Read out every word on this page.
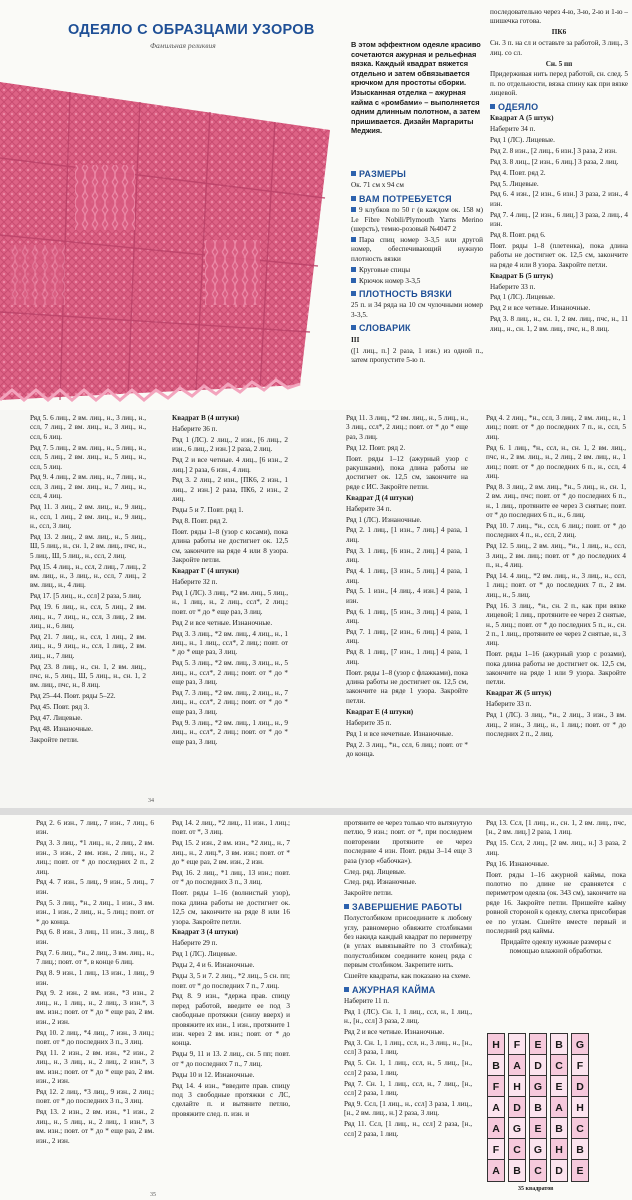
ОДЕЯЛО С ОБРАЗЦАМИ УЗОРОВ
Фамильная реликвия	В этом эффектном одеяле красиво сочетаются ажурная и рельефная вязка. Каждый квадрат вяжется отдельно и затем обвязывается крючком для простоты сборки. Изысканная отделка – ажурная кайма с «ромбами» – выполняется одним длинным полотном, а затем пришивается. Дизайн Маргариты Меджия.
РАЗМЕРЫ

Ок. 71 см х 94 см

ВАМ ПОТРЕБУЕТСЯ

9 клубков по 50 г (в каждом ок. 158 м) Le Fibre Nobili/Plymouth Yarns Merino (шерсть), темно-розовый №4047 2

Пара спиц номер 3-3,5 или другой номер, обеспечивающий нужную плотность вязки

Круговые спицы

Крючок номер 3-3,5

ПЛОТНОСТЬ ВЯЗКИ

25 п. и 34 ряда на 10 см чулочными номер 3-3,5.

СЛОВАРИК

III

([1 лиц., п.] 2 раза, 1 изн.) из одной п., затем пропустите 5-ю п.

последовательно через 4-ю, 3-ю, 2-ю и 1-ю – шишечка готова.

ПК6

Сн. 3 п. на сл и оставьте за работой, 3 лиц., 3 лиц. со сл.

Сн. 5 пп

Придерживая нить перед работой, сн. след. 5 п. по отдельности, вязка спину как при вязке лицевой.

ОДЕЯЛО

Квадрат А (5 штук)

Наберите 34 п.

Ряд 1 (ЛС). Лицевые.

Ряд 2. 8 изн., [2 лиц., 6 изн.] 3 раза, 2 изн.

Ряд 3. 8 лиц., [2 изн., 6 лиц.] 3 раза, 2 лиц.

Ряд 4. Повт. ряд 2.

Ряд 5. Лицевые.

Ряд 6. 4 изн., [2 изн., 6 изн.] 3 раза, 2 изн., 4 изн.

Ряд 7. 4 лиц., [2 изн., 6 лиц.] 3 раза, 2 лиц., 4 изн.

Ряд 8. Повт. ряд 6.

Повт. ряды 1–8 (плетенка), пока длина работы не достигнет ок. 12,5 см, закончите на ряде 4 или 8 узора. Закройте петли.

Квадрат Б (5 штук)

Наберите 33 п.

Ряд 1 (ЛС). Лицевые.

Ряд 2 и все четные. Изнаночные.

Ряд 3. 8 лиц., н., сн. 1, 2 вм. лиц., пчс, н., 11 лиц., н., сн. 1, 2 вм. лиц., пчс, н., 8 лиц.

Ряд 5. 6 лиц., 2 вм. лиц., н., 3 лиц., н., ссл, 7 лиц., 2 вм. лиц., н., 3 лиц., н., ссл, 6 лиц.

Ряд 7. 5 лиц., 2 вм. лиц., н., 5 лиц., н., ссл, 5 лиц., 2 вм. лиц., н., 5 лиц., н., ссл, 5 лиц.

Ряд 9. 4 лиц., 2 вм. лиц., н., 7 лиц., н., ссл, 3 лиц., 2 вм. лиц., н., 7 лиц., н., ссл, 4 лиц.

Ряд 11. 3 лиц., 2 вм. лиц., н., 9 лиц., н., ссл, 1 лиц., 2 вм. лиц., н., 9 лиц., н., ссл, 3 лиц.

Ряд 13. 2 лиц., 2 вм. лиц., н., 5 лиц., Ш, 5 лиц., н., сн. 1, 2 вм. лиц., пчс, н., 5 лиц., Ш, 5 лиц., н., ссл, 2 лиц.

Ряд 15. 4 лиц., н., ссл, 2 лиц., 7 лиц., 2 вм. лиц., н., 3 лиц., н., ссл, 7 лиц., 2 вм. лиц., н., 4 лиц.

Ряд 17. [5 лиц., н., ссл] 2 раза, 5 лиц.

Ряд 19. 6 лиц., н., ссл, 5 лиц., 2 вм. лиц., н., 7 лиц., н., ссл, 3 лиц., 2 вм. лиц., н., 6 лиц.

Ряд 21. 7 лиц., н., ссл, 1 лиц., 2 вм. лиц., н., 9 лиц., н., ссл, 1 лиц., 2 вм. лиц., н., 7 лиц.

Ряд 23. 8 лиц., н., сн. 1, 2 вм. лиц., пчс, н., 5 лиц., Ш, 5 лиц., н., сн. 1, 2 вм. лиц., пчс, н., 8 лиц.

Ряд 25–44. Повт. ряды 5–22.

Ряд 45. Повт. ряд 3.

Ряд 47. Лицевые.

Ряд 48. Изнаночные.

Закройте петли.

Квадрат В (4 штуки)

Наберите 36 п.

Ряд 1 (ЛС). 2 лиц., 2 изн., [6 лиц., 2 изн., 6 лиц., 2 изн.] 2 раза, 2 лиц.

Ряд 2 и все четные. 4 лиц., [6 изн., 2 лиц.] 2 раза, 6 изн., 4 лиц.

Ряд 3. 2 лиц., 2 изн., [ПК6, 2 изн., 1 лиц., 2 изн.] 2 раза, ПК6, 2 изн., 2 лиц.

Ряды 5 и 7. Повт. ряд 1.

Ряд 8. Повт. ряд 2.

Повт. ряды 1–8 (узор с косами), пока длина работы не достигнет ок. 12,5 см, закончите на ряде 4 или 8 узора. Закройте петли.

Квадрат Г (4 штуки)

Наберите 32 п.

Ряд 1 (ЛС). 3 лиц., *2 вм. лиц., 5 лиц., н., 1 лиц., н., 2 лиц., ссл*, 2 лиц.; повт. от * до * еще раз, 3 лиц.

Ряд 2 и все четные. Изнаночные.

Ряд 3. 3 лиц., *2 вм. лиц., 4 лиц., н., 1 лиц., н., 1 лиц., ссл*, 2 лиц.; повт. от * до * еще раз, 3 лиц.

Ряд 5. 3 лиц., *2 вм. лиц., 3 лиц., н., 5 лиц., н., ссл*, 2 лиц.; повт. от * до * еще раз, 3 лиц.

Ряд 7. 3 лиц., *2 вм. лиц., 2 лиц., н., 7 лиц., н., ссл*, 2 лиц.; повт. от * до * еще раз, 3 лиц.

Ряд 9. 3 лиц., *2 вм. лиц., 1 лиц., н., 9 лиц., н., ссл*, 2 лиц.; повт. от * до * еще раз, 3 лиц.

Ряд 11. 3 лиц., *2 вм. лиц., н., 5 лиц., н., 3 лиц., ссл*, 2 лиц.; повт. от * до * еще раз, 3 лиц.

Ряд 12. Повт. ряд 2.

Повт. ряды 1–12 (ажурный узор с ракушками), пока длина работы не достигнет ок. 12,5 см, закончите на ряде с ИС. Закройте петли.

Квадрат Д (4 штуки)

Наберите 34 п.

Ряд 1 (ЛС). Изнаночные.

Ряд 2. 1 лиц., [1 изн., 7 лиц.] 4 раза, 1 лиц.

Ряд 3. 1 лиц., [6 изн., 2 лиц.] 4 раза, 1 лиц.

Ряд 4. 1 лиц., [3 изн., 5 лиц.] 4 раза, 1 лиц.

Ряд 5. 1 изн., [4 лиц., 4 изн.] 4 раза, 1 изн.

Ряд 6. 1 лиц., [5 изн., 3 лиц.] 4 раза, 1 лиц.

Ряд 7. 1 лиц., [2 изн., 6 лиц.] 4 раза, 1 лиц.

Ряд 8. 1 лиц., [7 изн., 1 лиц.] 4 раза, 1 лиц.

Повт. ряды 1–8 (узор с флажками), пока длина работы не достигнет ок. 12,5 см, закончите на ряде 1 узора. Закройте петли.

Квадрат Е (4 штуки)

Наберите 35 п.

Ряд 1 и все нечетные. Изнаночные.

Ряд 2. 3 лиц., *н., ссл, 6 лиц.; повт. от * до конца.

Ряд 4. 2 лиц., *н., ссл, 3 лиц., 2 вм. лиц., н., 1 лиц.; повт. от * до последних 7 п., н., ссл, 5 лиц.

Ряд 6. 1 лиц., *н., ссл, н., сн. 1, 2 вм. лиц., пчс, н., 2 вм. лиц., н., 2 лиц., 2 вм. лиц., н., 1 лиц.; повт. от * до последних 6 п., н., ссл, 4 лиц.

Ряд 8. 3 лиц., 2 вм. лиц., *н., 5 лиц., н., сн. 1, 2 вм. лиц., пчс; повт. от * до последних 6 п., н., 1 лиц., протяните ее через 3 снятые; повт. от * до последних 6 п., н., 6 лиц.

Ряд 10. 7 лиц., *н., ссл, 6 лиц.; повт. от * до последних 4 п., н., ссл, 2 лиц.

Ряд 12. 5 лиц., 2 вм. лиц., *н., 1 лиц., н., ссл, 3 лиц., 2 вм. лиц.; повт. от * до последних 4 п., н., 4 лиц.

Ряд 14. 4 лиц., *2 вм. лиц., н., 3 лиц., н., ссл, 1 лиц.; повт. от * до последних 7 п., 2 вм. лиц., н., 5 лиц.

Ряд 16. 3 лиц., *н., сн. 2 п., как при вязке лицевой; 1 лиц., протяните ее через 2 снятые, н., 5 лиц.; повт. от * до последних 5 п., н., сн. 2 п., 1 лиц., протяните ее через 2 снятые, н., 3 лиц.

Повт. ряды 1–16 (ажурный узор с розами), пока длина работы не достигнет ок. 12,5 см, закончите на ряде 1 или 9 узора. Закройте петли.

Квадрат Ж (5 штук)

Наберите 33 п.

Ряд 1 (ЛС). 3 лиц., *н., 2 лиц., 3 изн., 3 вм. лиц., 2 изн., 3 лиц., н., 1 лиц.; повт. от * до последних 2 п., 2 лиц.

34

Ряд 2. 6 изн., 7 лиц., 7 изн., 7 лиц., 6 изн.

Ряд 3. 3 лиц., *1 лиц., н., 2 лиц., 2 вм. изн., 3 изн., 2 вм. изн., 2 лиц., н., 2 лиц.; повт. от * до последних 2 п., 2 лиц.

Ряд 4. 7 изн., 5 лиц., 9 изн., 5 лиц., 7 изн.

Ряд 5. 3 лиц., *н., 2 лиц., 1 изн., 3 вм. изн., 1 изн., 2 лиц., н., 5 лиц.; повт. от * до конца.

Ряд 6. 8 изн., 3 лиц., 11 изн., 3 лиц., 8 изн.

Ряд 7. 6 лиц., *н., 2 лиц., 3 вм. лиц., н., 7 лиц.; повт. от *, в конце 6 лиц.

Ряд 8. 9 изн., 1 лиц., 13 изн., 1 лиц., 9 изн.

Ряд 9. 2 изн., 2 вм. изн., *3 изн., 2 лиц., н., 1 лиц., н., 2 лиц., 3 изн.*, 3 вм. изн.; повт. от * до * еще раз, 2 вм. изн., 2 изн.

Ряд 10. 2 лиц., *4 лиц., 7 изн., 3 лиц.; повт. от * до последних 3 п., 3 лиц.

Ряд 11. 2 изн., 2 вм. изн., *2 изн., 2 лиц., н., 3 лиц., н., 2 лиц., 2 изн.*, 3 вм. изн.; повт. от * до * еще раз, 2 вм. изн., 2 изн.

Ряд 12. 2 лиц., *3 лиц., 9 изн., 2 лиц.; повт. от * до последних 3 п., 3 лиц.

Ряд 13. 2 изн., 2 вм. изн., *1 изн., 2 лиц., н., 5 лиц., н., 2 лиц., 1 изн.*, 3 вм. изн.; повт. от * до * еще раз, 2 вм. изн., 2 изн.

Ряд 14. 2 лиц., *2 лиц., 11 изн., 1 лиц.; повт. от *, 3 лиц.

Ряд 15. 2 изн., 2 вм. изн., *2 лиц., н., 7 лиц., н., 2 лиц.*, 3 вм. изн.; повт. от * до * еще раз, 2 вм. изн., 2 изн.

Ряд 16. 2 лиц., *1 лиц., 13 изн.; повт. от * до последних 3 п., 3 лиц.

Повт. ряды 1–16 (волнистый узор), пока длина работы не достигнет ок. 12,5 см, закончите на ряде 8 или 16 узора. Закройте петли.

Квадрат З (4 штуки)

Наберите 29 п.

Ряд 1 (ЛС). Лицевые.

Ряды 2, 4 и 6. Изнаночные.

Ряды 3, 5 и 7. 2 лиц., *2 лиц., 5 сн. пп; повт. от * до последних 7 п., 7 лиц.

Ряд 8. 9 изн., *держа прав. спицу перед работой, введите ее под 3 свободные протяжки (снизу вверх) и провяжите их изн., 1 изн., протяните 1 изн. через 2 вм. изн.; повт. от * до конца.

Ряды 9, 11 и 13. 2 лиц., сн. 5 пп; повт. от * до последних 7 п., 7 лиц.

Ряды 10 и 12. Изнаночные.

Ряд 14. 4 изн., *введите прав. спицу под 3 свободные протяжки с ЛС, сделайте п. и вытяните петлю, провяжите след. п. изн. и

протяните ее через только что вытянутую петлю, 9 изн.; повт. от *, при последнем повторении протяните ее через последние 4 изн. Повт. ряды 3–14 еще 3 раза (узор «бабочка»).

След. ряд. Лицевые.

След. ряд. Изнаночные.

Закройте петли.

ЗАВЕРШЕНИЕ РАБОТЫ

Полустолбиком присоедините к любому углу, равномерно обвяжите столбиками без накида каждый квадрат по периметру (в углах вывязывайте по 3 столбика); полустолбиком соедините конец ряда с первым столбиком. Закрепите нить.

Сшейте квадраты, как показано на схеме.

АЖУРНАЯ КАЙМА

Наберите 11 п.

Ряд 1 (ЛС). Сн. 1, 1 лиц., ссл, н., 1 лиц., н., [н., ссл] 3 раза, 2 лиц.

Ряд 2 и все четные. Изнаночные.

Ряд 3. Сн. 1, 1 лиц., ссл, н., 3 лиц., н., [н., ссл] 3 раза, 1 лиц.

Ряд 5. Сн. 1, 1 лиц., ссл, н., 5 лиц., [н., ссл] 2 раза, 1 лиц.

Ряд 7. Сн. 1, 1 лиц., ссл, н., 7 лиц., [н., ссл] 2 раза, 1 лиц.

Ряд 9. Ссл, [1 лиц., н., ссл] 3 раза, 1 лиц., [н., 2 вм. лиц., н.] 2 раза, 3 лиц.

Ряд 11. Ссл, [1 лиц., н., ссл] 2 раза, [н., ссл] 2 раза, 1 лиц.

Ряд 13. Ссл, [1 лиц., н., сн. 1, 2 вм. лиц., пчс, [н., 2 вм. лиц.] 2 раза, 1 лиц.

Ряд 15. Ссл, 2 лиц., [2 вм. лиц., н.] 3 раза, 2 лиц.

Ряд 16. Изнаночные.

Повт. ряды 1–16 ажурной каймы, пока полотно по длине не сравняется с периметром одеяла (ок. 343 см), закончите на ряде 16. Закройте петли. Пришейте кайму ровной стороной к одеялу, слегка присобирая ее по углам. Сшейте вместе первый и последний ряд каймы.

Придайте одеялу нужные размеры с помощью влажной обработки.

H	F	E	B	G
B	A	D	C	F
F	H	G	E	D
A	D	B	A	H
A	G	E	B	C
F	C	G	H	B
A	B	C	D	E
35 квадратов
35
